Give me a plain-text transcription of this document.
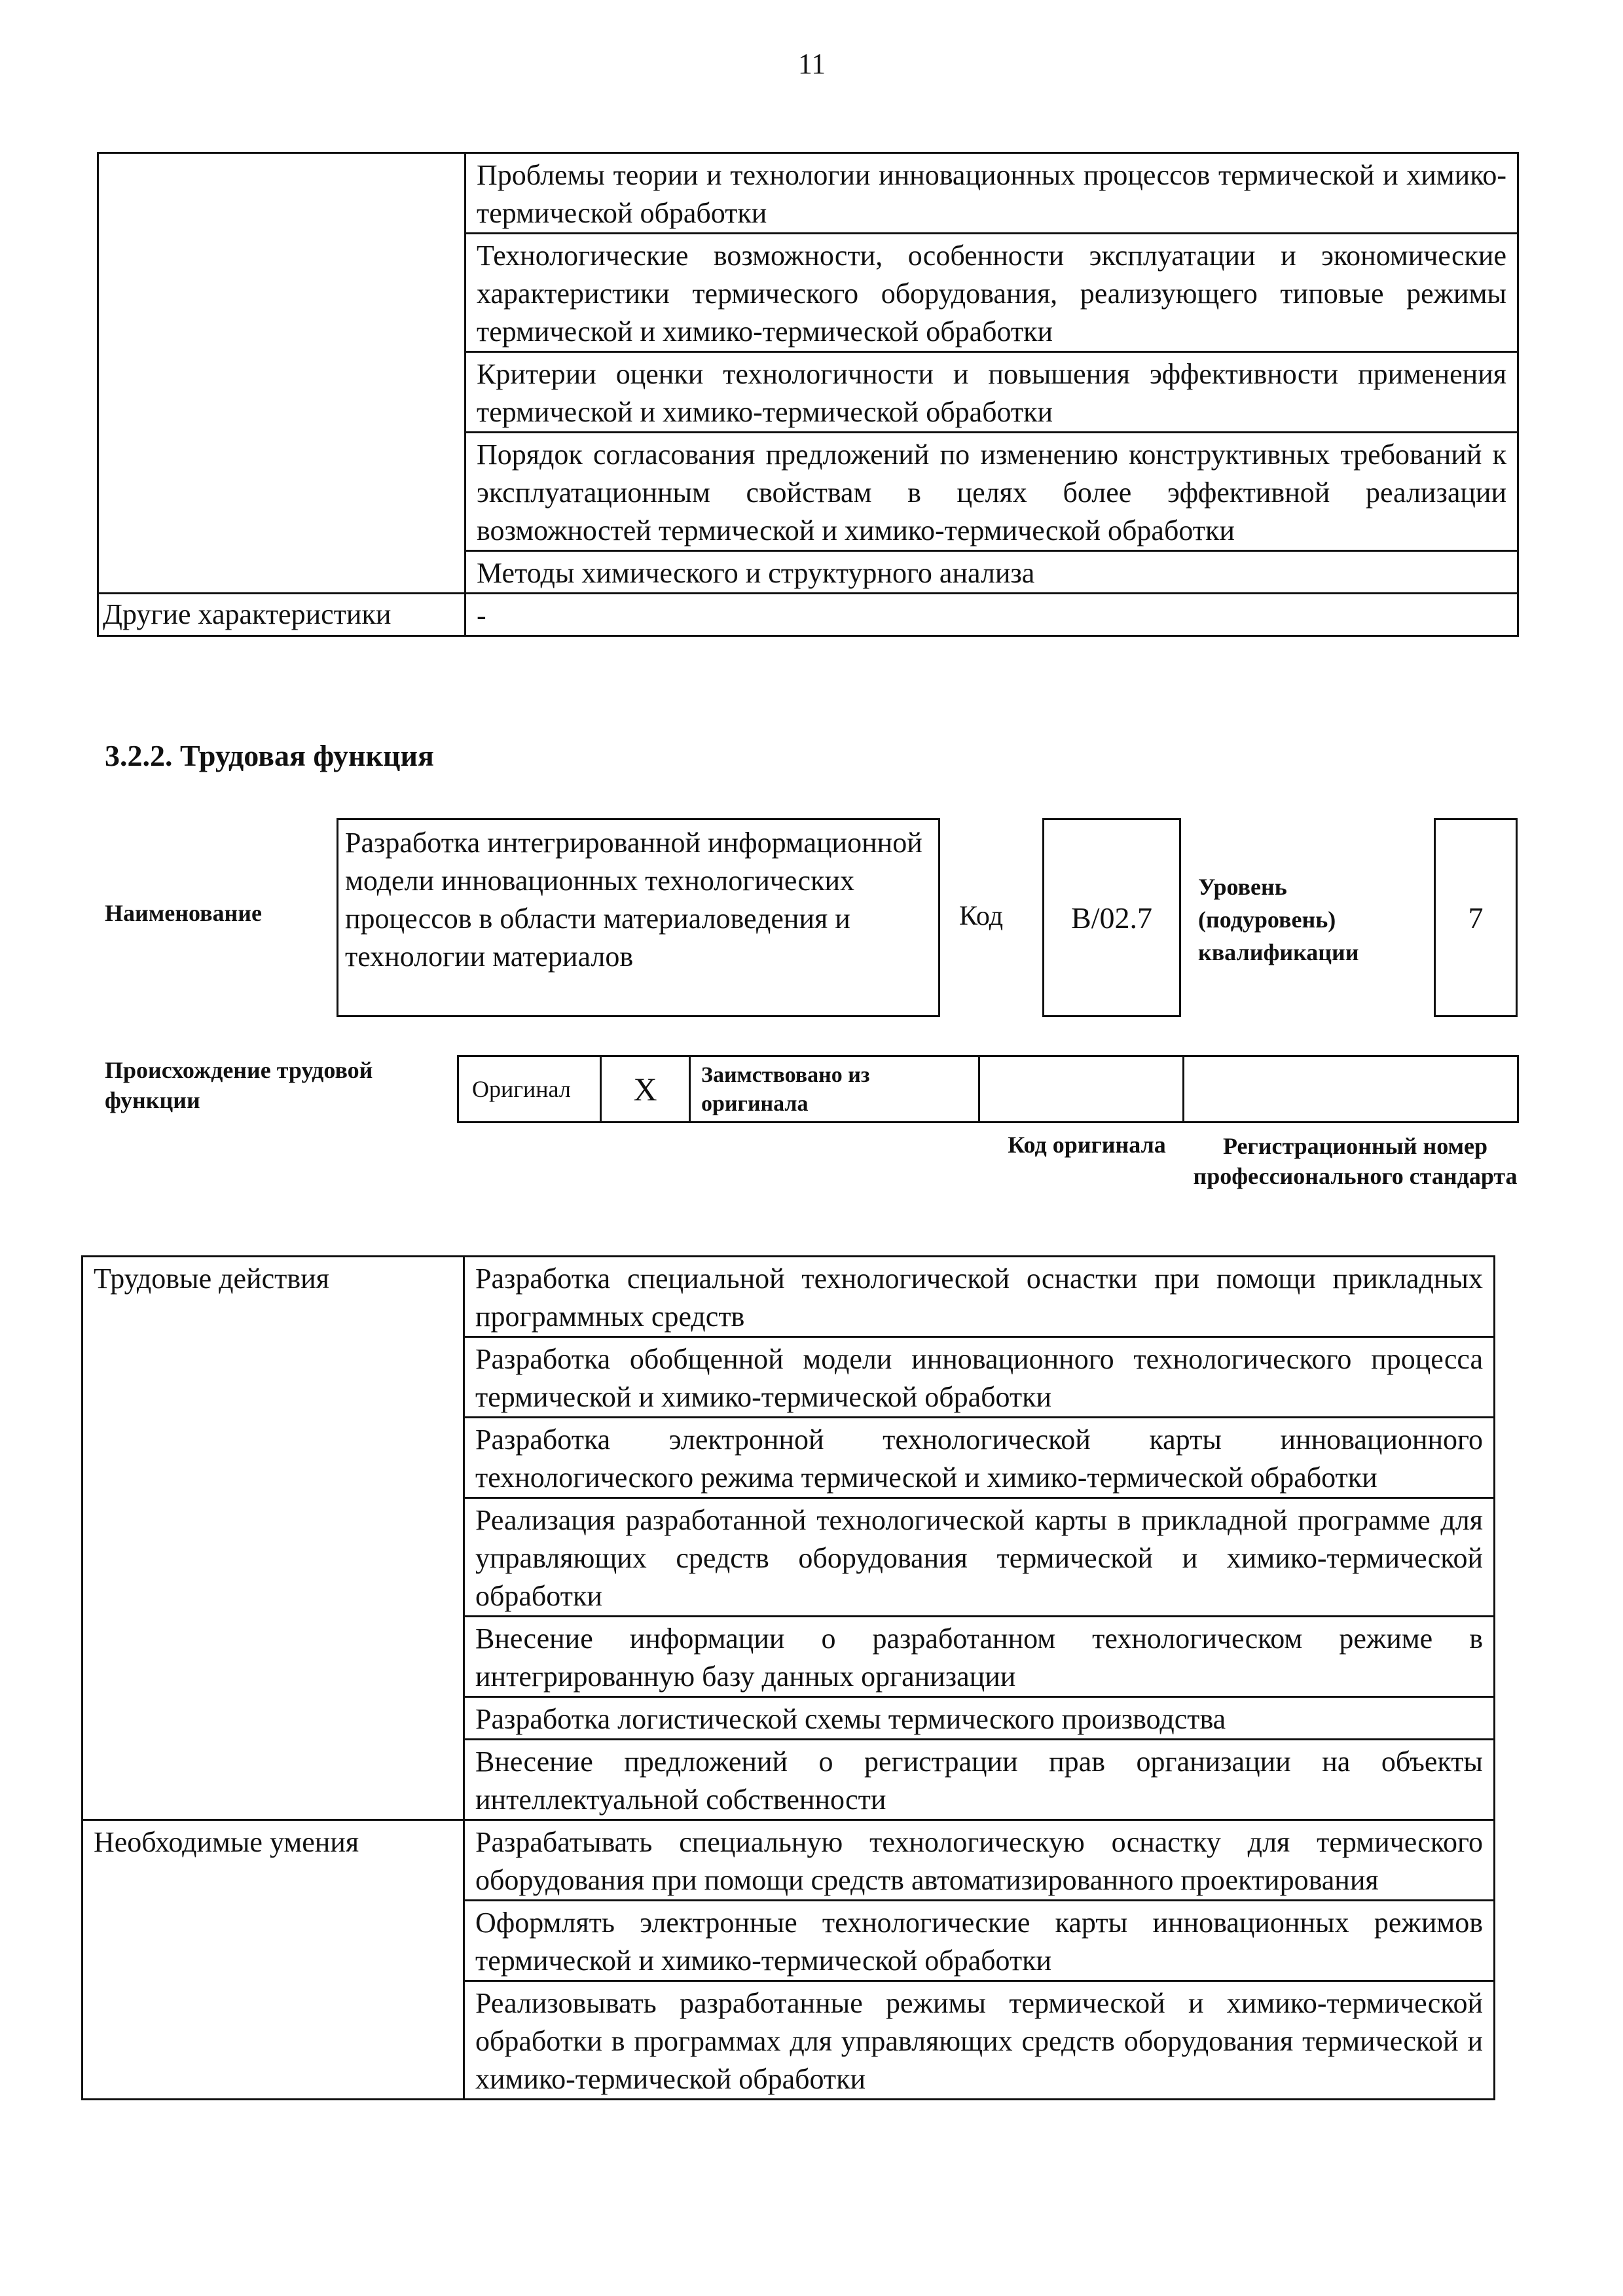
11
	Проблемы теории и технологии инновационных процессов термической и химико-термической обработки
	Технологические возможности, особенности эксплуатации и экономические характеристики термического оборудования, реализующего типовые режимы термической и химико-термической обработки
	Критерии оценки технологичности и повышения эффективности применения термической и химико-термической обработки
	Порядок согласования предложений по изменению конструктивных требований к эксплуатационным свойствам в целях более эффективной реализации возможностей термической и химико-термической обработки
	Методы химического и структурного анализа
Другие характеристики	-
3.2.2. Трудовая функция
Наименование
Разработка интегрированной информационной модели инновационных технологических процессов в области материаловедения и технологии материалов
Код	B/02.7
Уровень (подуровень) квалификации
7
Происхождение трудовой функции	Оригинал	X	Заимствовано из оригинала
Код оригинала	Регистрационный номер профессионального стандарта
Трудовые действия	Разработка специальной технологической оснастки при помощи прикладных программных средств
	Разработка обобщенной модели инновационного технологического процесса термической и химико-термической обработки
	Разработка электронной технологической карты инновационного технологического режима термической и химико-термической обработки
	Реализация разработанной технологической карты в прикладной программе для управляющих средств оборудования термической и химико-термической обработки
	Внесение информации о разработанном технологическом режиме в интегрированную базу данных организации
	Разработка логистической схемы термического производства
	Внесение предложений о регистрации прав организации на объекты интеллектуальной собственности
Необходимые умения	Разрабатывать специальную технологическую оснастку для термического оборудования при помощи средств автоматизированного проектирования
	Оформлять электронные технологические карты инновационных режимов термической и химико-термической обработки
	Реализовывать разработанные режимы термической и химико-термической обработки в программах для управляющих средств оборудования термической и химико-термической обработки
